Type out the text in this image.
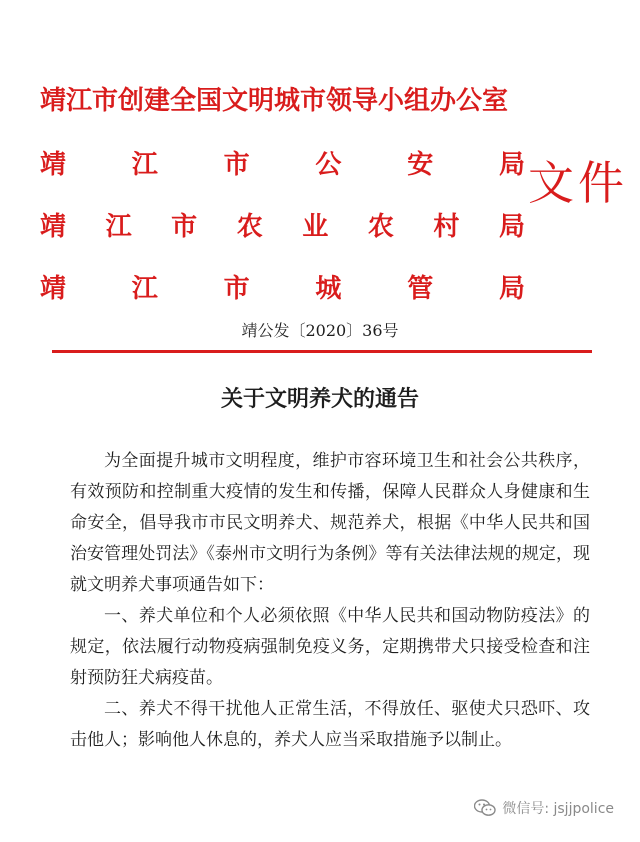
靖江市创建全国文明城市领导小组办公室
靖江市公安局
靖江市农业农村局
靖江市城管局
文件
靖公发〔2020〕36号
关于文明养犬的通告

为全面提升城市文明程度，维护市容环境卫生和社会公共秩序，有效预防和控制重大疫情的发生和传播，保障人民群众人身健康和生命安全，倡导我市市民文明养犬、规范养犬，根据《中华人民共和国治安管理处罚法》《泰州市文明行为条例》等有关法律法规的规定，现就文明养犬事项通告如下：

一、养犬单位和个人必须依照《中华人民共和国动物防疫法》的规定，依法履行动物疫病强制免疫义务，定期携带犬只接受检查和注射预防狂犬病疫苗。

二、养犬不得干扰他人正常生活，不得放任、驱使犬只恐吓、攻击他人；影响他人休息的，养犬人应当采取措施予以制止。

微信号: jsjjpolice
